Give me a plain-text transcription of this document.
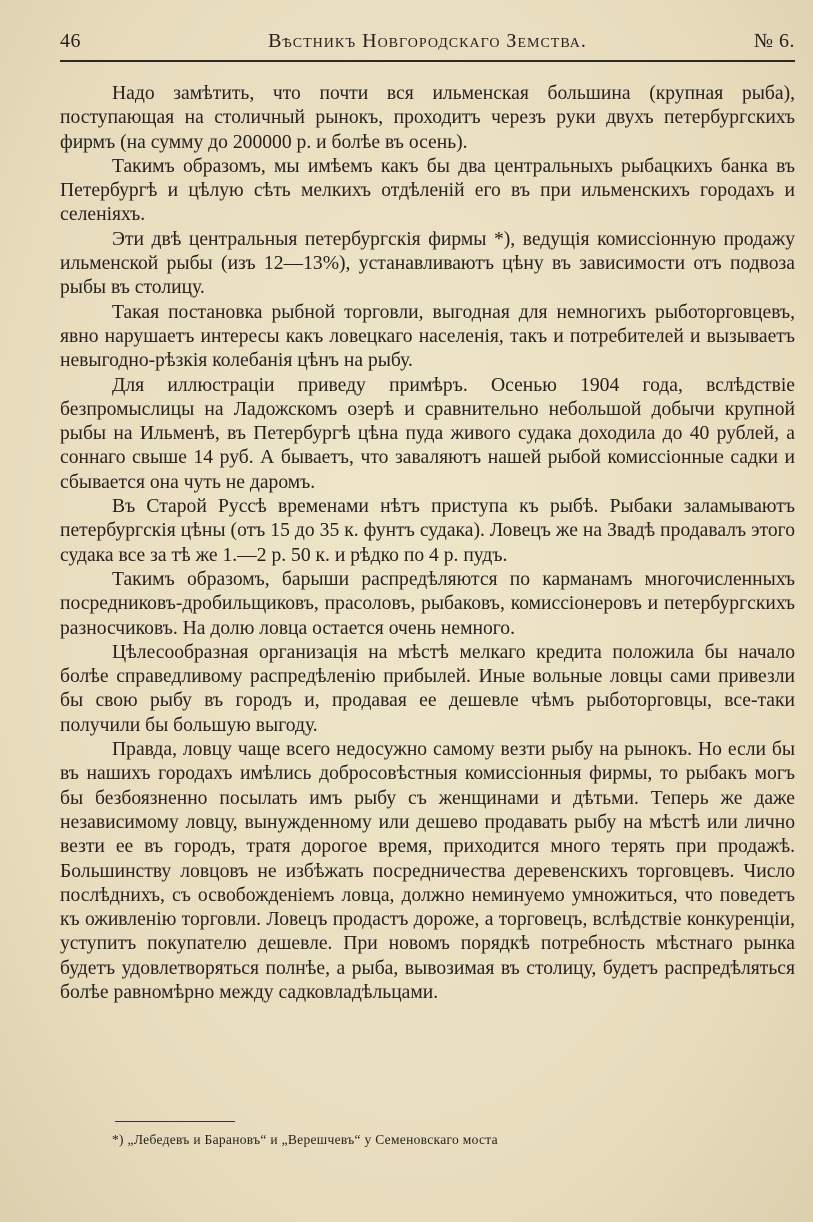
46	Вѣстникъ Новгородскаго Земства.	№ 6.

Надо замѣтить, что почти вся ильменская большина (крупная рыба), поступающая на столичный рынокъ, проходитъ черезъ руки двухъ петербургскихъ фирмъ (на сумму до 200000 р. и болѣе въ осень).

Такимъ образомъ, мы имѣемъ какъ бы два центральныхъ рыбацкихъ банка въ Петербургѣ и цѣлую сѣть мелкихъ отдѣленій его въ при ильменскихъ городахъ и селеніяхъ.

Эти двѣ центральныя петербургскія фирмы *), ведущія комиссіонную продажу ильменской рыбы (изъ 12—13%), устанавливаютъ цѣну въ зависимости отъ подвоза рыбы въ столицу.

Такая постановка рыбной торговли, выгодная для немногихъ рыботорговцевъ, явно нарушаетъ интересы какъ ловецкаго населенія, такъ и потребителей и вызываетъ невыгодно-рѣзкія колебанія цѣнъ на рыбу.

Для иллюстраціи приведу примѣръ. Осенью 1904 года, вслѣдствіе безпромыслицы на Ладожскомъ озерѣ и сравнительно небольшой добычи крупной рыбы на Ильменѣ, въ Петербургѣ цѣна пуда живого судака доходила до 40 рублей, а соннаго свыше 14 руб. А бываетъ, что заваляютъ нашей рыбой комиссіонные садки и сбывается она чуть не даромъ.

Въ Старой Руссѣ временами нѣтъ приступа къ рыбѣ. Рыбаки заламываютъ петербургскія цѣны (отъ 15 до 35 к. фунтъ судака). Ловецъ же на Звадѣ продавалъ этого судака все за тѣ же 1.—2 р. 50 к. и рѣдко по 4 р. пудъ.

Такимъ образомъ, барыши распредѣляются по карманамъ многочисленныхъ посредниковъ-дробильщиковъ, прасоловъ, рыбаковъ, комиссіонеровъ и петербургскихъ разносчиковъ. На долю ловца остается очень немного.

Цѣлесообразная организація на мѣстѣ мелкаго кредита положила бы начало болѣе справедливому распредѣленію прибылей. Иные вольные ловцы сами привезли бы свою рыбу въ городъ и, продавая ее дешевле чѣмъ рыботорговцы, все-таки получили бы большую выгоду.

Правда, ловцу чаще всего недосужно самому везти рыбу на рынокъ. Но если бы въ нашихъ городахъ имѣлись добросовѣстныя комиссіонныя фирмы, то рыбакъ могъ бы безбоязненно посылать имъ рыбу съ женщинами и дѣтьми. Теперь же даже независимому ловцу, вынужденному или дешево продавать рыбу на мѣстѣ или лично везти ее въ городъ, тратя дорогое время, приходится много терять при продажѣ. Большинству ловцовъ не избѣжать посредничества деревенскихъ торговцевъ. Число послѣднихъ, съ освобожденіемъ ловца, должно неминуемо умножиться, что поведетъ къ оживленію торговли. Ловецъ продастъ дороже, а торговецъ, вслѣдствіе конкуренціи, уступитъ покупателю дешевле. При новомъ порядкѣ потребность мѣстнаго рынка будетъ удовлетворяться полнѣе, а рыба, вывозимая въ столицу, будетъ распредѣляться болѣе равномѣрно между садковладѣльцами.

*) „Лебедевъ и Барановъ“ и „Верешчевъ“ у Семеновскаго моста
